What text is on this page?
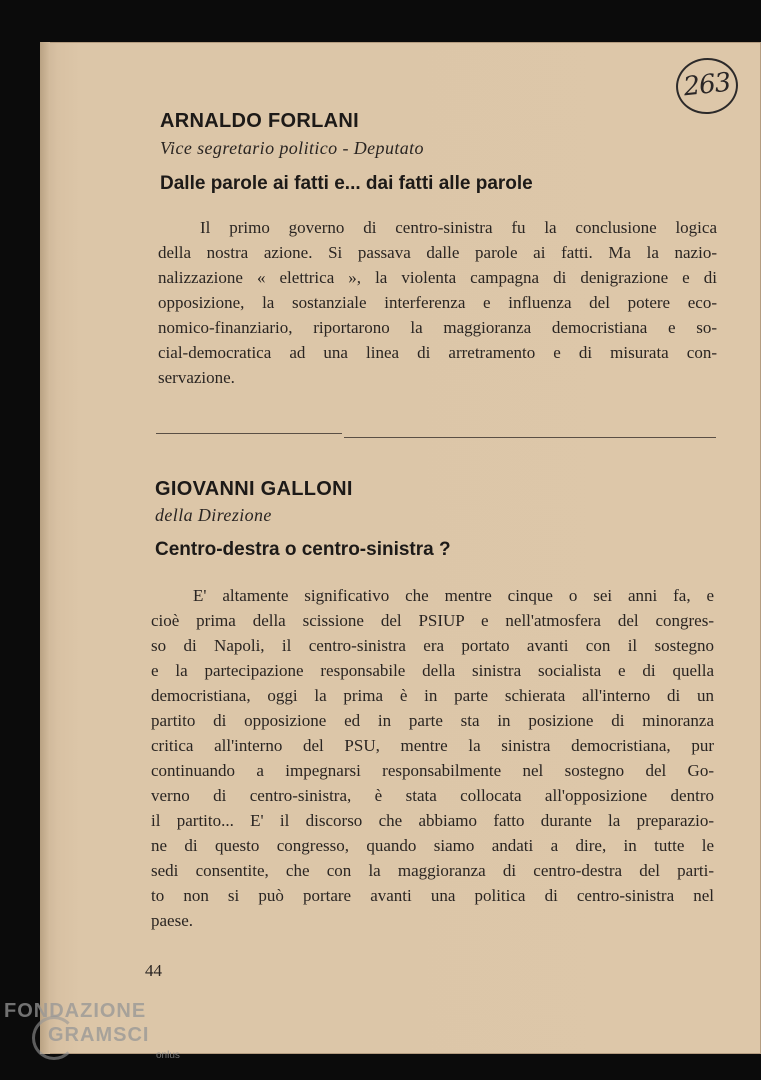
263
ARNALDO FORLANI
Vice segretario politico - Deputato
Dalle parole ai fatti e... dai fatti alle parole
Il primo governo di centro-sinistra fu la conclusione logica
della nostra azione. Si passava dalle parole ai fatti. Ma la nazio-
nalizzazione « elettrica », la violenta campagna di denigrazione e di
opposizione, la sostanziale interferenza e influenza del potere eco-
nomico-finanziario, riportarono la maggioranza democristiana e so-
cial-democratica ad una linea di arretramento e di misurata con-
servazione.
GIOVANNI GALLONI
della Direzione
Centro-destra o centro-sinistra ?
E' altamente significativo che mentre cinque o sei anni fa, e
cioè prima della scissione del PSIUP e nell'atmosfera del congres-
so di Napoli, il centro-sinistra era portato avanti con il sostegno
e la partecipazione responsabile della sinistra socialista e di quella
democristiana, oggi la prima è in parte schierata all'interno di un
partito di opposizione ed in parte sta in posizione di minoranza
critica all'interno del PSU, mentre la sinistra democristiana, pur
continuando a impegnarsi responsabilmente nel sostegno del Go-
verno di centro-sinistra, è stata collocata all'opposizione dentro
il partito... E' il discorso che abbiamo fatto durante la preparazio-
ne di questo congresso, quando siamo andati a dire, in tutte le
sedi consentite, che con la maggioranza di centro-destra del parti-
to non si può portare avanti una politica di centro-sinistra nel
paese.
44
FONDAZIONE
GRAMSCI
onlus
